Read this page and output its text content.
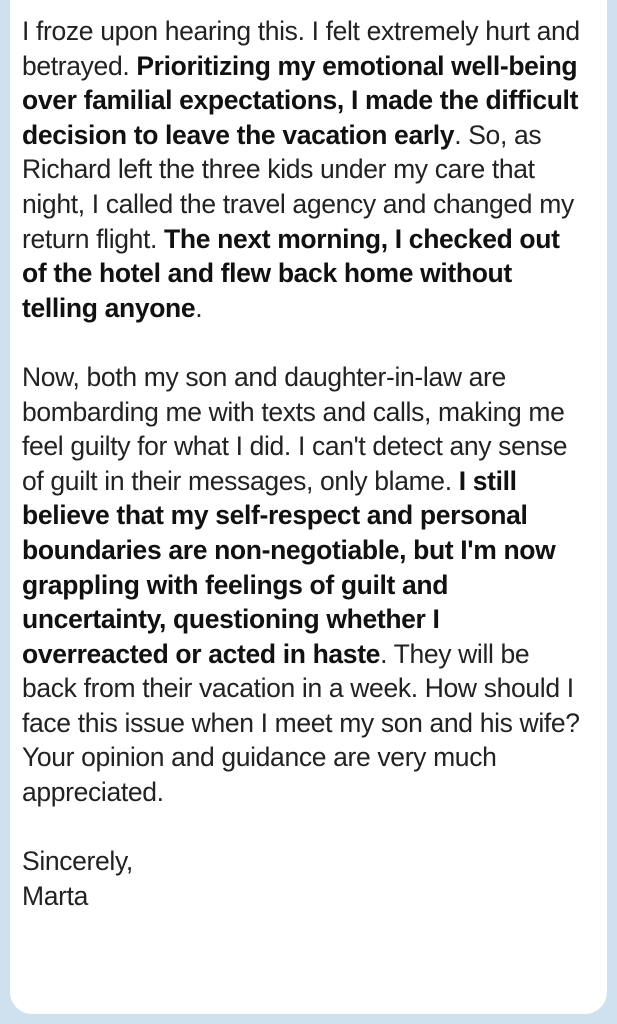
I froze upon hearing this. I felt extremely hurt and betrayed. Prioritizing my emotional well-being over familial expectations, I made the difficult decision to leave the vacation early. So, as Richard left the three kids under my care that night, I called the travel agency and changed my return flight. The next morning, I checked out of the hotel and flew back home without telling anyone.

Now, both my son and daughter-in-law are bombarding me with texts and calls, making me feel guilty for what I did. I can't detect any sense of guilt in their messages, only blame. I still believe that my self-respect and personal boundaries are non-negotiable, but I'm now grappling with feelings of guilt and uncertainty, questioning whether I overreacted or acted in haste. They will be back from their vacation in a week. How should I face this issue when I meet my son and his wife? Your opinion and guidance are very much appreciated.

Sincerely,

Marta
